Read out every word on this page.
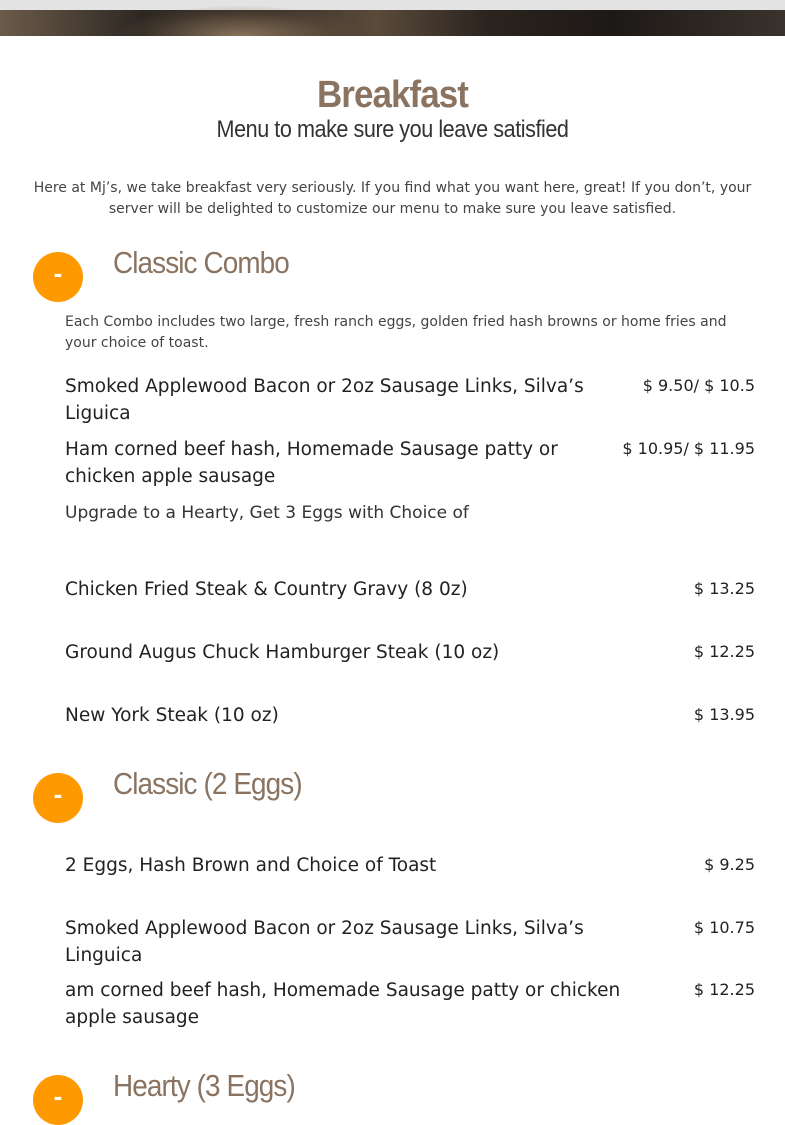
Breakfast
Menu to make sure you leave satisfied
Here at Mj’s, we take breakfast very seriously. If you find what you want here, great! If you don’t, your server will be delighted to customize our menu to make sure you leave satisfied.
-	Classic Combo
Each Combo includes two large, fresh ranch eggs, golden fried hash browns or home fries and your choice of toast.
Smoked Applewood Bacon or 2oz Sausage Links, Silva’s Liguica
$ 9.50/ $ 10.5
Ham corned beef hash, Homemade Sausage patty or chicken apple sausage
$ 10.95/ $ 11.95
Upgrade to a Hearty, Get 3 Eggs with Choice of
Chicken Fried Steak & Country Gravy (8 0z)	$ 13.25
Ground Augus Chuck Hamburger Steak (10 oz)	$ 12.25
New York Steak (10 oz)	$ 13.95
-	Classic (2 Eggs)
2 Eggs, Hash Brown and Choice of Toast	$ 9.25
Smoked Applewood Bacon or 2oz Sausage Links, Silva’s Linguica
$ 10.75
am corned beef hash, Homemade Sausage patty or chicken apple sausage
$ 12.25
-	Hearty (3 Eggs)
